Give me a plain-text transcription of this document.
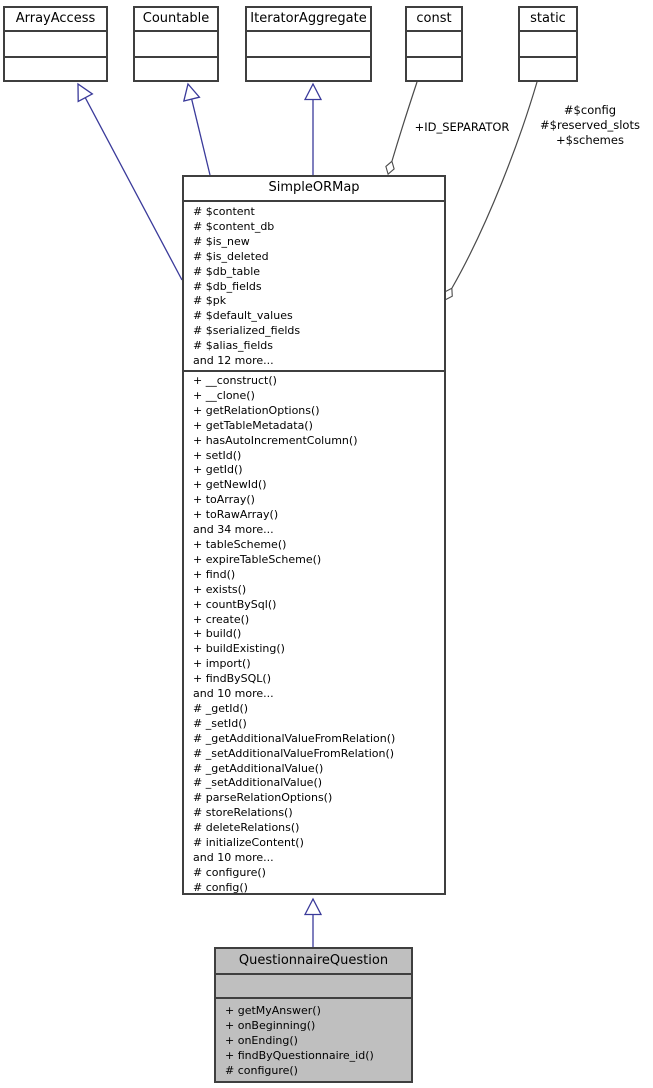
ArrayAccess	Countable	IteratorAggregate	const	static
+ID_SEPARATOR
#$config
#$reserved_slots
+$schemes
SimpleORMap
# $content
# $content_db
# $is_new
# $is_deleted
# $db_table
# $db_fields
# $pk
# $default_values
# $serialized_fields
# $alias_fields
and 12 more...
+ __construct()
+ __clone()
+ getRelationOptions()
+ getTableMetadata()
+ hasAutoIncrementColumn()
+ setId()
+ getId()
+ getNewId()
+ toArray()
+ toRawArray()
and 34 more...
+ tableScheme()
+ expireTableScheme()
+ find()
+ exists()
+ countBySql()
+ create()
+ build()
+ buildExisting()
+ import()
+ findBySQL()
and 10 more...
# _getId()
# _setId()
# _getAdditionalValueFromRelation()
# _setAdditionalValueFromRelation()
# _getAdditionalValue()
# _setAdditionalValue()
# parseRelationOptions()
# storeRelations()
# deleteRelations()
# initializeContent()
and 10 more...
# configure()
# config()
QuestionnaireQuestion
+ getMyAnswer()
+ onBeginning()
+ onEnding()
+ findByQuestionnaire_id()
# configure()
